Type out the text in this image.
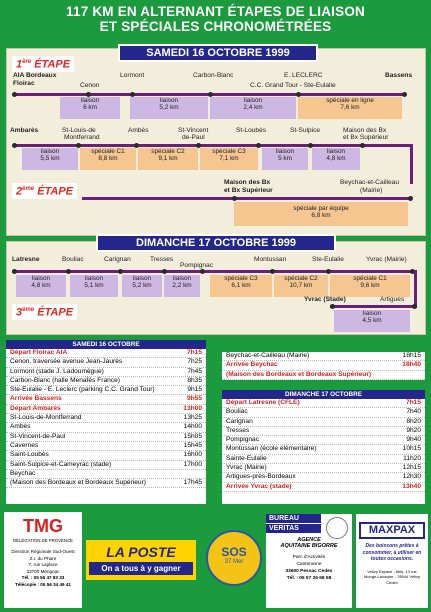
117 KM EN ALTERNANT ÉTAPES DE LIAISON
ET SPÉCIALES CHRONOMÉTRÉES
SAMEDI 16 OCTOBRE 1999
1ère ÉTAPE
AIA Bordeaux
Floirac	Cenon
Lormont	Carbon-Blanc	E. LECLERC
C.C. Grand Tour - Ste-Eulalie
Bassens
liaison
6 km
liaison
5,2 km
liaison
2,4 km
spéciale en ligne
7,6 km
Ambarès	St-Louis-de
Montferrand
Ambès	St-Vincent
de-Paul
St-Loubès	St-Sulpice	Maison des Bx
et Bx Supérieur
liaison
5,5 km
spéciale C1
8,8 km
spéciale C2
9,1 km
spéciale C3
7,1 km
liaison
5 km
liaison
4,8 km
2ème ÉTAPE
Maison des Bx
et Bx Supérieur
Beychac-et-Cailleau
(Mairie)
spéciale par équipe
6,8 km
DIMANCHE 17 OCTOBRE 1999
Latresne	Bouliac	Carignan	Tresses
Pompignac
Montussan	Ste-Eulalie	Yvrac (Mairie)
liaison
4,8 km
liaison
5,1 km
liaison
5,2 km
liaison
2,2 km
spéciale C3
6,1 km
spéciale C2
10,7 km
spéciale C1
9,6 km
3ème ÉTAPE
Yvrac (Stade)	Artigues
liaison
4,5 km
SAMEDI 16 OCTOBRE
Départ Floirac AIA	7h15
Cenon, traversée avenue Jean-Jaurès	7h25
Lormont (stade J. Ladoumègue)	7h45
Carbon-Blanc (halle Menafés France)	8h35
Ste-Eulalie - E. Leclerc (parking C.C. Grand Tour)	9h15
Arrivée Bassens	9h55
Départ Ambarès	13h00
St-Louis-de-Montferrand	13h25
Ambès	14h00
St-Vincent-de-Paul	15h05
Cavernes	15h45
Saint-Loubès	16h00
Saint-Sulpice-et-Cameyrac (stade)	17h00
Beychac
(Maison des Bordeaux et Bordeaux Supérieur)	17h45
Beychac-et-Cailleau (Mairie)	18h15
Arrivée Beychac	18h40
(Maison des Bordeaux et Bordeaux Supérieur)
DIMANCHE 17 OCTOBRE
Départ Latresne (CFLE)	7h15
Bouliac	7h40
Carignan	8h20
Tresses	9h20
Pompignac	9h40
Montussan (école élémentaire)	10h15
Sainte-Eulalie	11h20
Yvrac (Mairie)	12h15
Artigues-près-Bordeaux	12h30
Arrivée Yvrac (stade)	13h40
TMG
DÉLÉGATION DE PROVENCE
Direction Régionale Sud-Ouest
Z.I. du Phare
7, rue Laplace
33700 Mérignac
Tél. : 05 56 47 83 33
Télécopie : 05 56 34 49 41
LA POSTE
On a tous à y gagner
SOS
37 Mer
BUREAU
VERITAS
AGENCE
AQUITAINE BIGORRE
Parc d'Activités
Canteranne
33600 Pessac Cedex
Tél. : 05 57 26 68 58
MAXPAX
Des boissons prêtes à consommer, à utiliser en toutes occasions.
Vélizy Espace - 6bis, 13 rue Monge-Lavoisier - 78944 Vélizy Cedex
